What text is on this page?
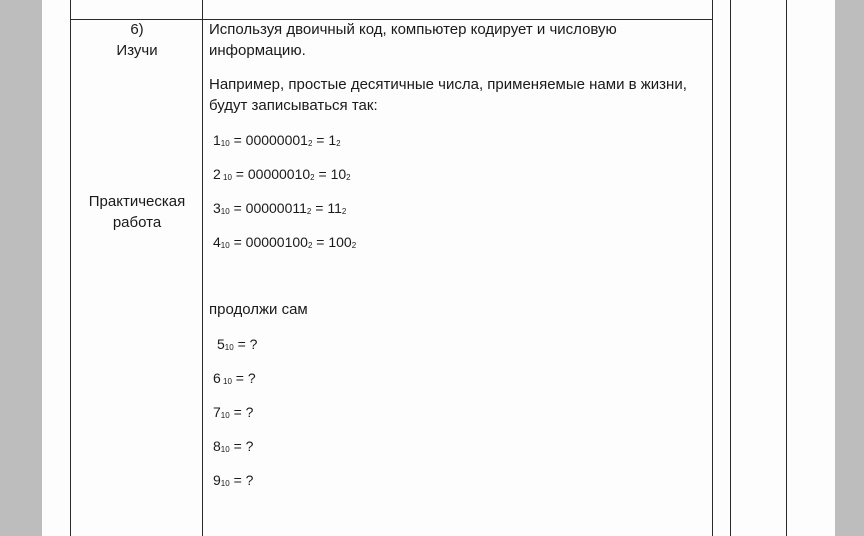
6)
Изучи
Практическая
работа
Используя двоичный код, компьютер кодирует и числовую информацию.
Например, простые десятичные числа, применяемые нами в жизни, будут записываться так:
$1_{10} = 00000001_2 = 1_2$
2 $_{10} = 00000010_2 = 10_2$
$3_{10} = 00000011_2 = 11_2$
$4_{10} = 00000100_2 = 100_2$
продолжи сам
$5_{10}$ = ?
6 $_{10}$ = ?
$7_{10}$ = ?
$8_{10}$ = ?
$9_{10}$ = ?
